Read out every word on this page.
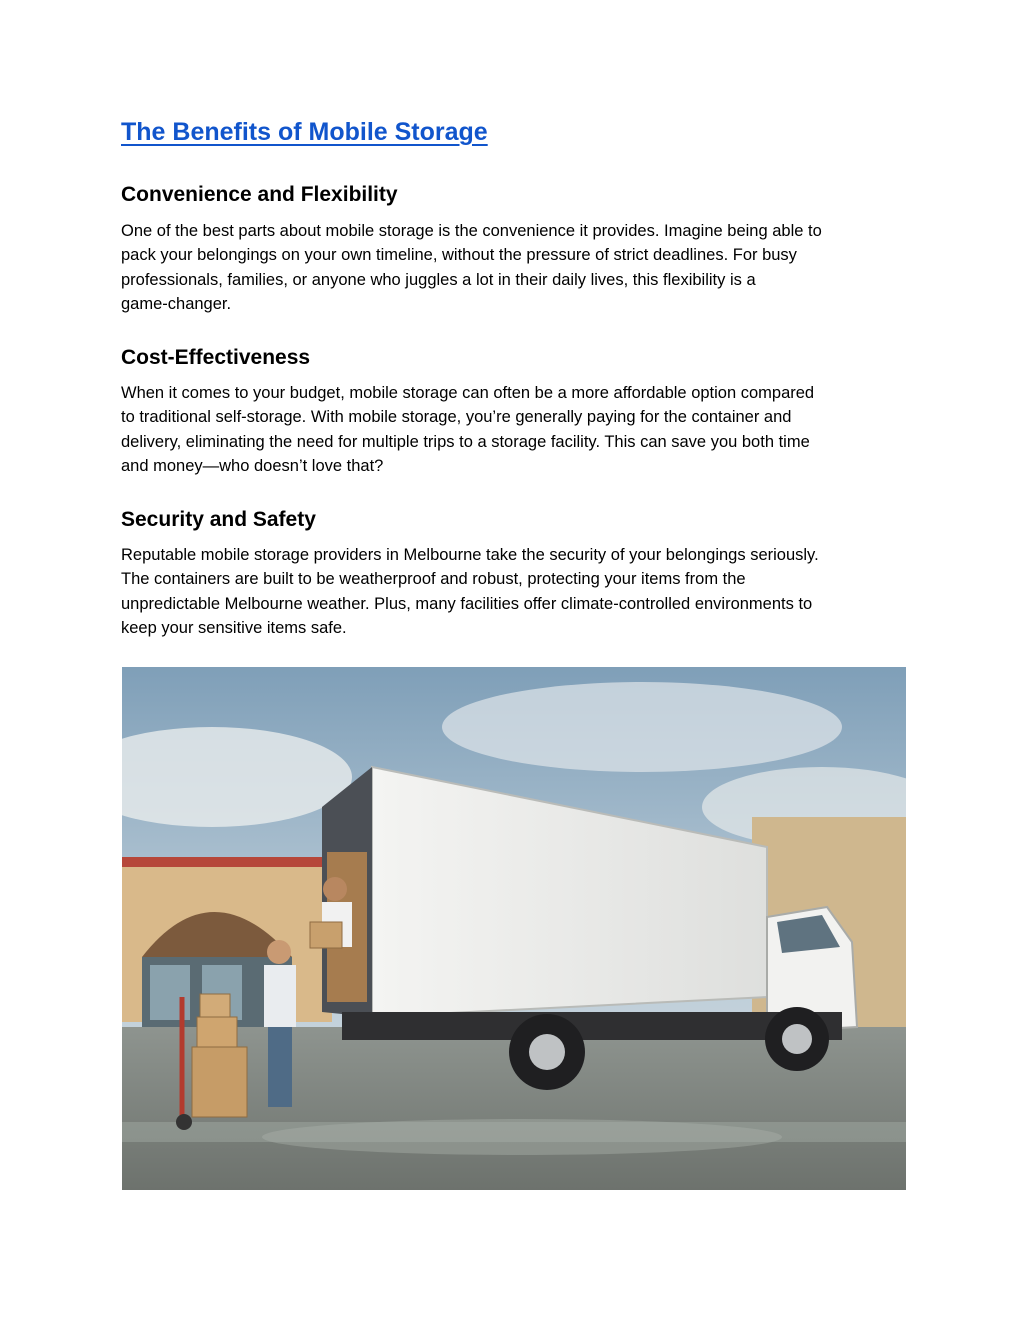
The Benefits of Mobile Storage
Convenience and Flexibility

One of the best parts about mobile storage is the convenience it provides. Imagine being able to
pack your belongings on your own timeline, without the pressure of strict deadlines. For busy
professionals, families, or anyone who juggles a lot in their daily lives, this flexibility is a
game-changer.

Cost-Effectiveness

When it comes to your budget, mobile storage can often be a more affordable option compared
to traditional self-storage. With mobile storage, you’re generally paying for the container and
delivery, eliminating the need for multiple trips to a storage facility. This can save you both time
and money—who doesn’t love that?

Security and Safety

Reputable mobile storage providers in Melbourne take the security of your belongings seriously.
The containers are built to be weatherproof and robust, protecting your items from the
unpredictable Melbourne weather. Plus, many facilities offer climate-controlled environments to
keep your sensitive items safe.
